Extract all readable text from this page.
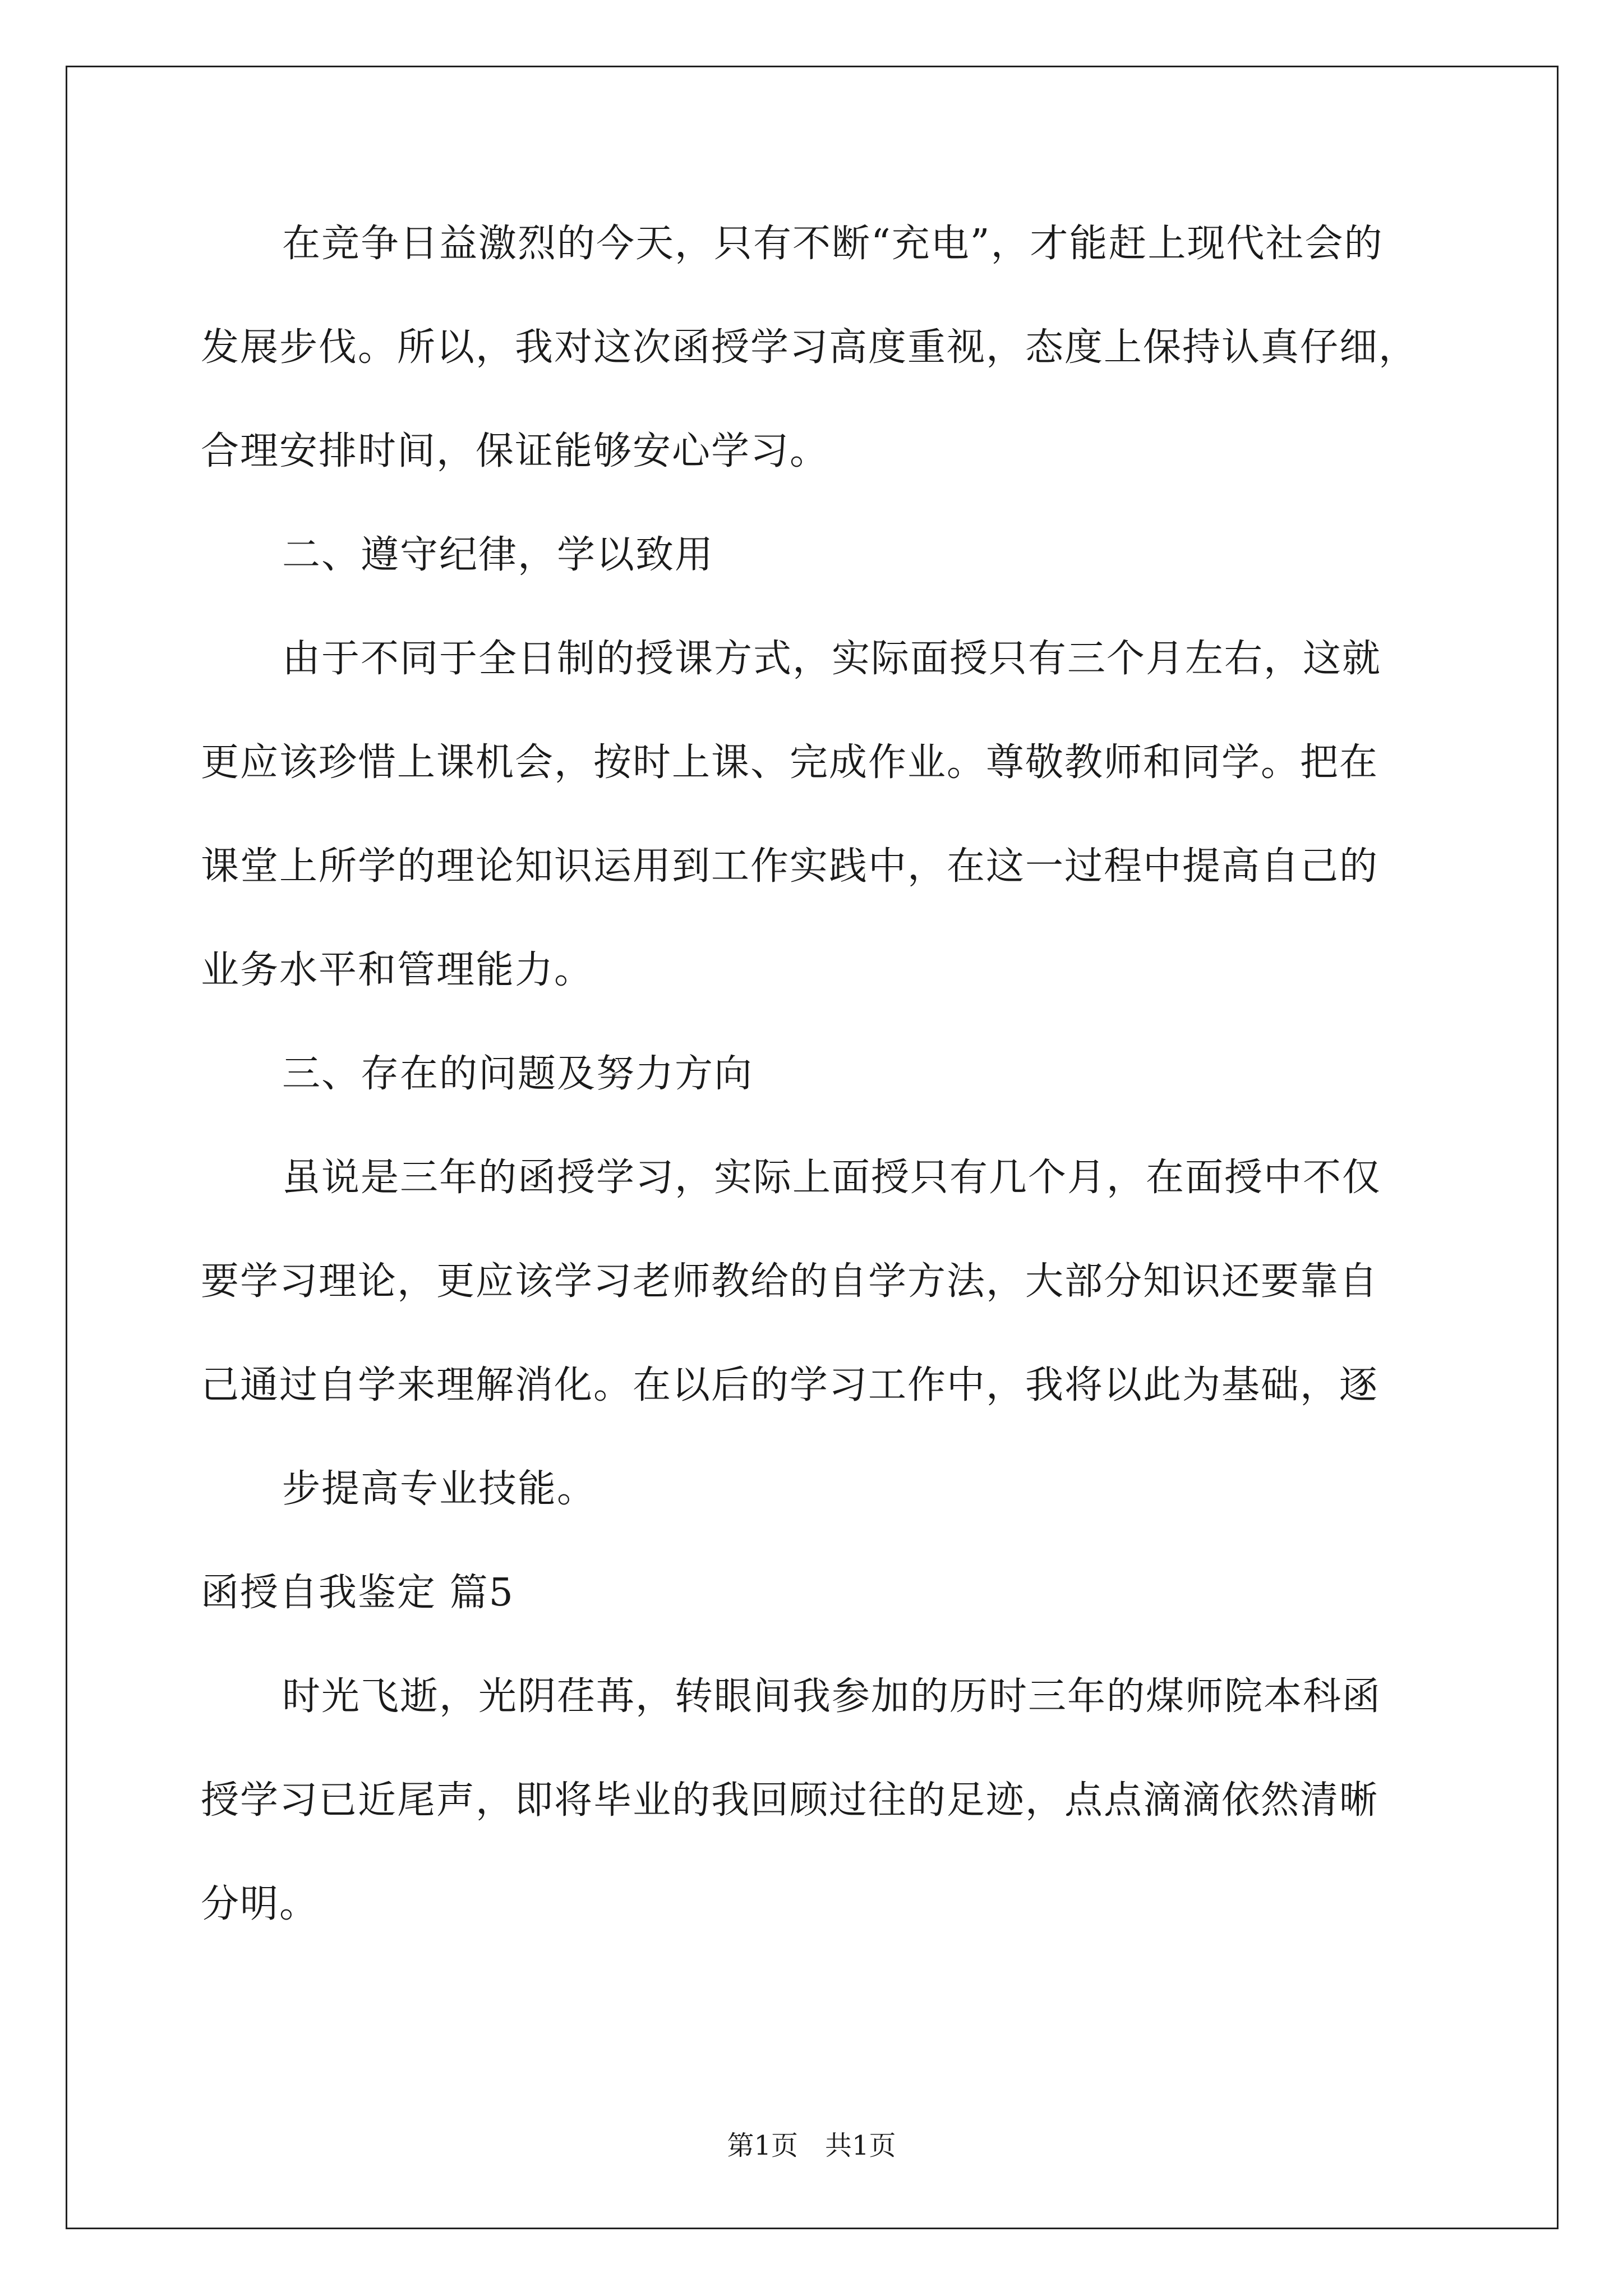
在竞争日益激烈的今天，只有不断“充电”，才能赶上现代社会的
发展步伐。所以，我对这次函授学习高度重视，态度上保持认真仔细，
合理安排时间，保证能够安心学习。
二、遵守纪律，学以致用
由于不同于全日制的授课方式，实际面授只有三个月左右，这就
更应该珍惜上课机会，按时上课、完成作业。尊敬教师和同学。把在
课堂上所学的理论知识运用到工作实践中，在这一过程中提高自己的
业务水平和管理能力。
三、存在的问题及努力方向
虽说是三年的函授学习，实际上面授只有几个月，在面授中不仅
要学习理论，更应该学习老师教给的自学方法，大部分知识还要靠自
己通过自学来理解消化。在以后的学习工作中，我将以此为基础，逐
步提高专业技能。
函授自我鉴定 篇5
时光飞逝，光阴荏苒，转眼间我参加的历时三年的煤师院本科函
授学习已近尾声，即将毕业的我回顾过往的足迹，点点滴滴依然清晰
分明。
第1页　共1页
